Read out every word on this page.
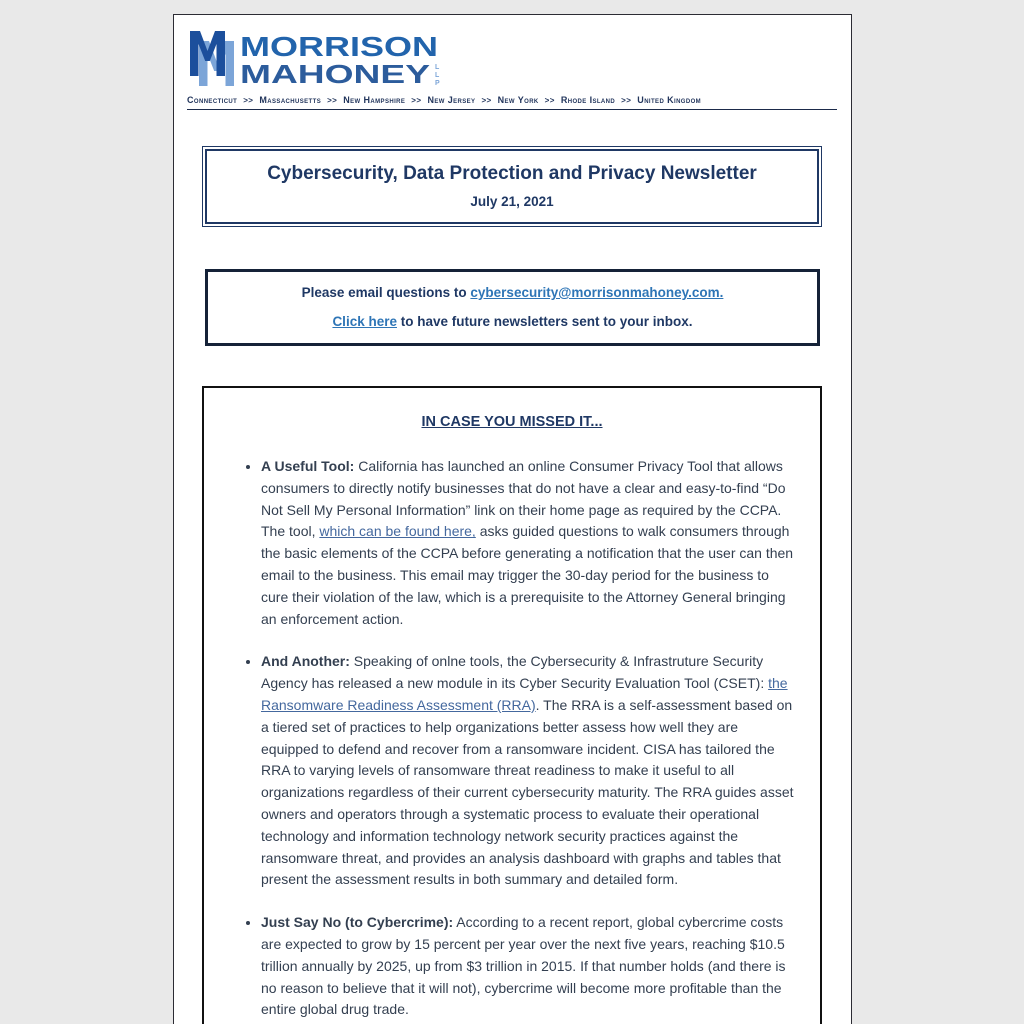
MORRISON
MAHONEY L
L
P
Connecticut >> Massachusetts >> New Hampshire >> New Jersey >> New York >> Rhode Island >> United Kingdom
Cybersecurity, Data Protection and Privacy Newsletter

July 21, 2021

Please email questions to cybersecurity@morrisonmahoney.com.

Click here to have future newsletters sent to your inbox.

IN CASE YOU MISSED IT...
• A Useful Tool: California has launched an online Consumer Privacy Tool that allows consumers to directly notify businesses that do not have a clear and easy-to-find “Do Not Sell My Personal Information” link on their home page as required by the CCPA. The tool, which can be found here, asks guided questions to walk consumers through the basic elements of the CCPA before generating a notification that the user can then email to the business. This email may trigger the 30-day period for the business to cure their violation of the law, which is a prerequisite to the Attorney General bringing an enforcement action.
• And Another: Speaking of onlne tools, the Cybersecurity & Infrastruture Security Agency has released a new module in its Cyber Security Evaluation Tool (CSET): the Ransomware Readiness Assessment (RRA). The RRA is a self-assessment based on a tiered set of practices to help organizations better assess how well they are equipped to defend and recover from a ransomware incident. CISA has tailored the RRA to varying levels of ransomware threat readiness to make it useful to all organizations regardless of their current cybersecurity maturity. The RRA guides asset owners and operators through a systematic process to evaluate their operational technology and information technology network security practices against the ransomware threat, and provides an analysis dashboard with graphs and tables that present the assessment results in both summary and detailed form.
• Just Say No (to Cybercrime): According to a recent report, global cybercrime costs are expected to grow by 15 percent per year over the next five years, reaching $10.5 trillion annually by 2025, up from $3 trillion in 2015. If that number holds (and there is no reason to believe that it will not), cybercrime will become more profitable than the entire global drug trade.
